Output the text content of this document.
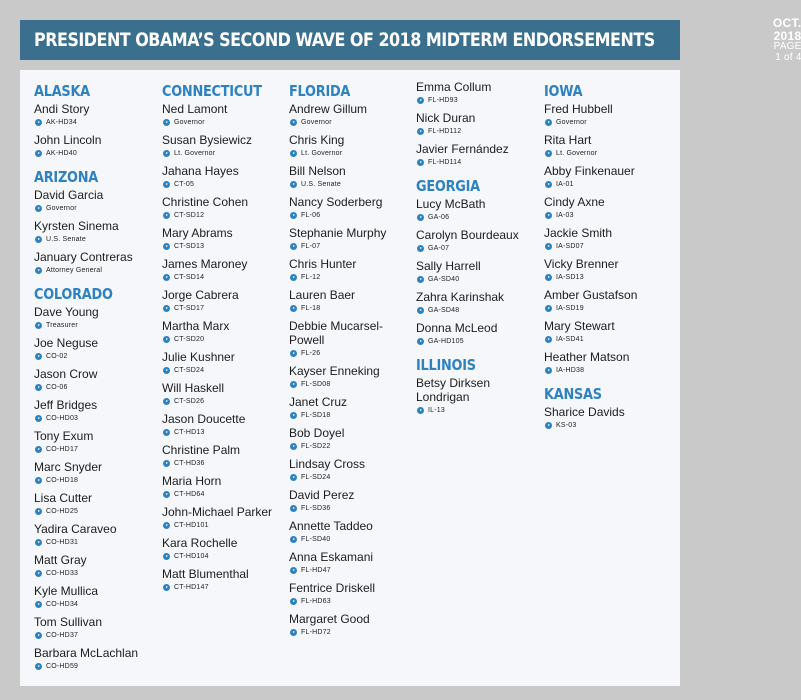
PRESIDENT OBAMA’S SECOND WAVE OF 2018 MIDTERM ENDORSEMENTS
OCT. 2018
PAGE 1 of 4
ALASKA
Andi Story
AK-HD34
John Lincoln
AK-HD40
ARIZONA
David Garcia
Governor
Kyrsten Sinema
U.S. Senate
January Contreras
Attorney General
COLORADO
Dave Young
Treasurer
Joe Neguse
CO-02
Jason Crow
CO-06
Jeff Bridges
CO-HD03
Tony Exum
CO-HD17
Marc Snyder
CO-HD18
Lisa Cutter
CO-HD25
Yadira Caraveo
CO-HD31
Matt Gray
CO-HD33
Kyle Mullica
CO-HD34
Tom Sullivan
CO-HD37
Barbara McLachlan
CO-HD59
CONNECTICUT
Ned Lamont
Governor
Susan Bysiewicz
Lt. Governor
Jahana Hayes
CT-05
Christine Cohen
CT-SD12
Mary Abrams
CT-SD13
James Maroney
CT-SD14
Jorge Cabrera
CT-SD17
Martha Marx
CT-SD20
Julie Kushner
CT-SD24
Will Haskell
CT-SD26
Jason Doucette
CT-HD13
Christine Palm
CT-HD36
Maria Horn
CT-HD64
John-Michael Parker
CT-HD101
Kara Rochelle
CT-HD104
Matt Blumenthal
CT-HD147
FLORIDA
Andrew Gillum
Governor
Chris King
Lt. Governor
Bill Nelson
U.S. Senate
Nancy Soderberg
FL-06
Stephanie Murphy
FL-07
Chris Hunter
FL-12
Lauren Baer
FL-18
Debbie Mucarsel-Powell
FL-26
Kayser Enneking
FL-SD08
Janet Cruz
FL-SD18
Bob Doyel
FL-SD22
Lindsay Cross
FL-SD24
David Perez
FL-SD36
Annette Taddeo
FL-SD40
Anna Eskamani
FL-HD47
Fentrice Driskell
FL-HD63
Margaret Good
FL-HD72
Emma Collum
FL-HD93
Nick Duran
FL-HD112
Javier Fernández
FL-HD114
GEORGIA
Lucy McBath
GA-06
Carolyn Bourdeaux
GA-07
Sally Harrell
GA-SD40
Zahra Karinshak
GA-SD48
Donna McLeod
GA-HD105
ILLINOIS
Betsy Dirksen Londrigan
IL-13
IOWA
Fred Hubbell
Governor
Rita Hart
Lt. Governor
Abby Finkenauer
IA-01
Cindy Axne
IA-03
Jackie Smith
IA-SD07
Vicky Brenner
IA-SD13
Amber Gustafson
IA-SD19
Mary Stewart
IA-SD41
Heather Matson
IA-HD38
KANSAS
Sharice Davids
KS-03
